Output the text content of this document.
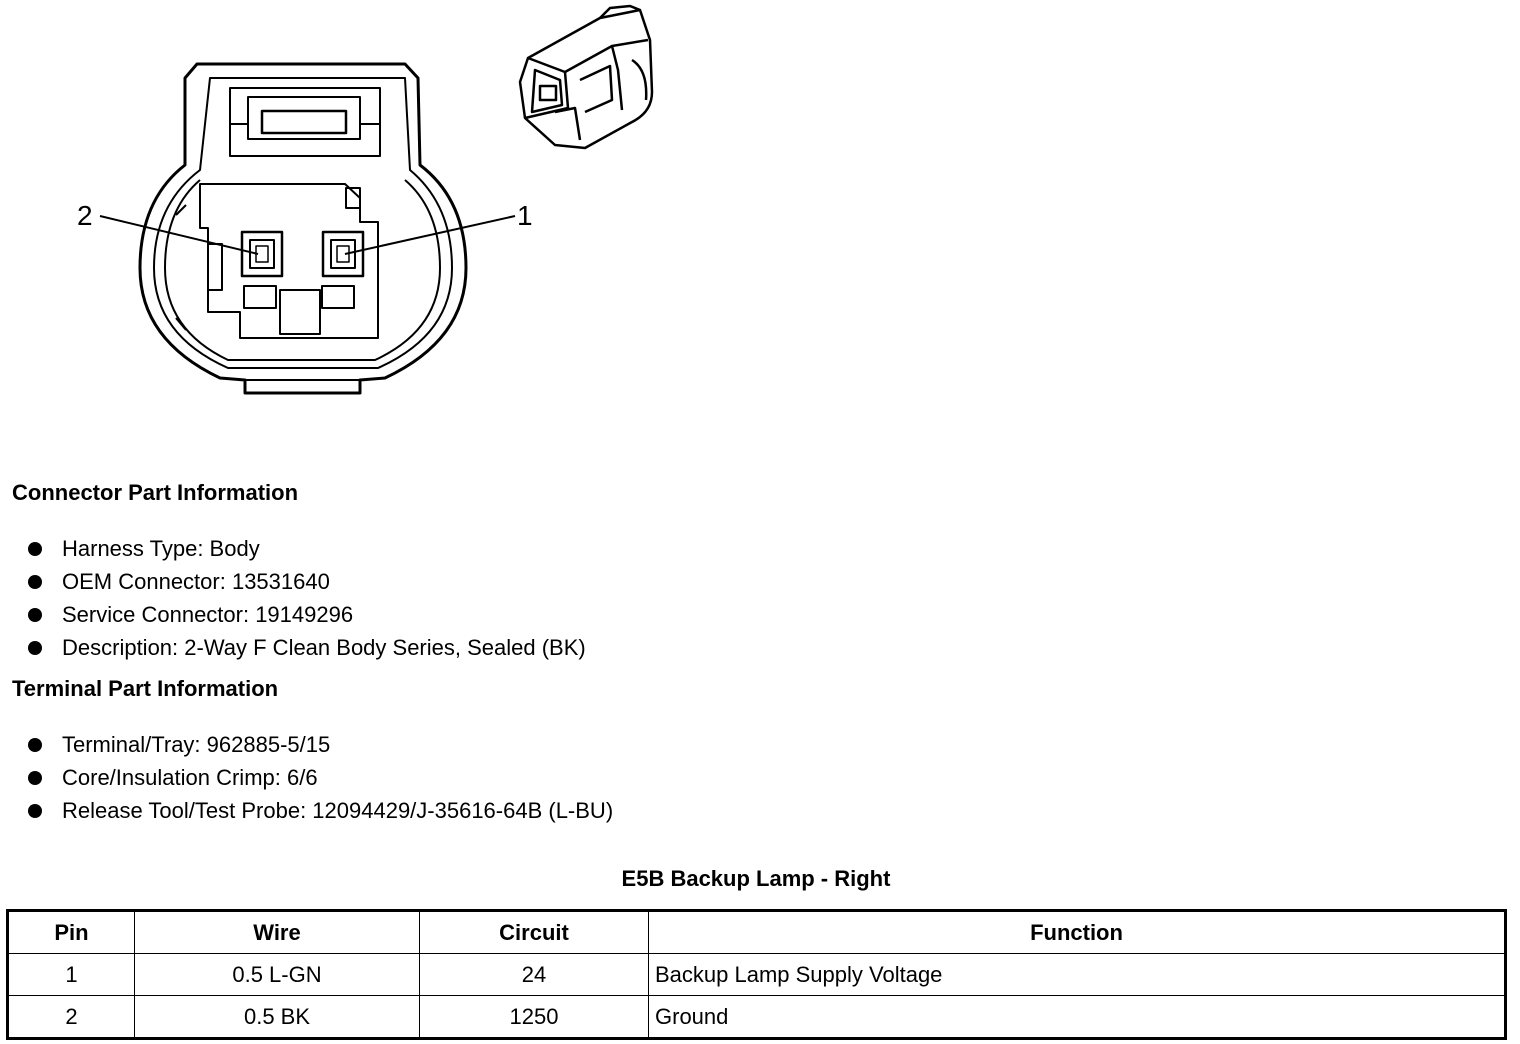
2	1
Connector Part Information
Harness Type: Body
OEM Connector: 13531640
Service Connector: 19149296
Description: 2-Way F Clean Body Series, Sealed (BK)
Terminal Part Information
Terminal/Tray: 962885-5/15
Core/Insulation Crimp: 6/6
Release Tool/Test Probe: 12094429/J-35616-64B (L-BU)
E5B Backup Lamp - Right
Pin	Wire	Circuit	Function
1	0.5 L-GN	24	Backup Lamp Supply Voltage
2	0.5 BK	1250	Ground
